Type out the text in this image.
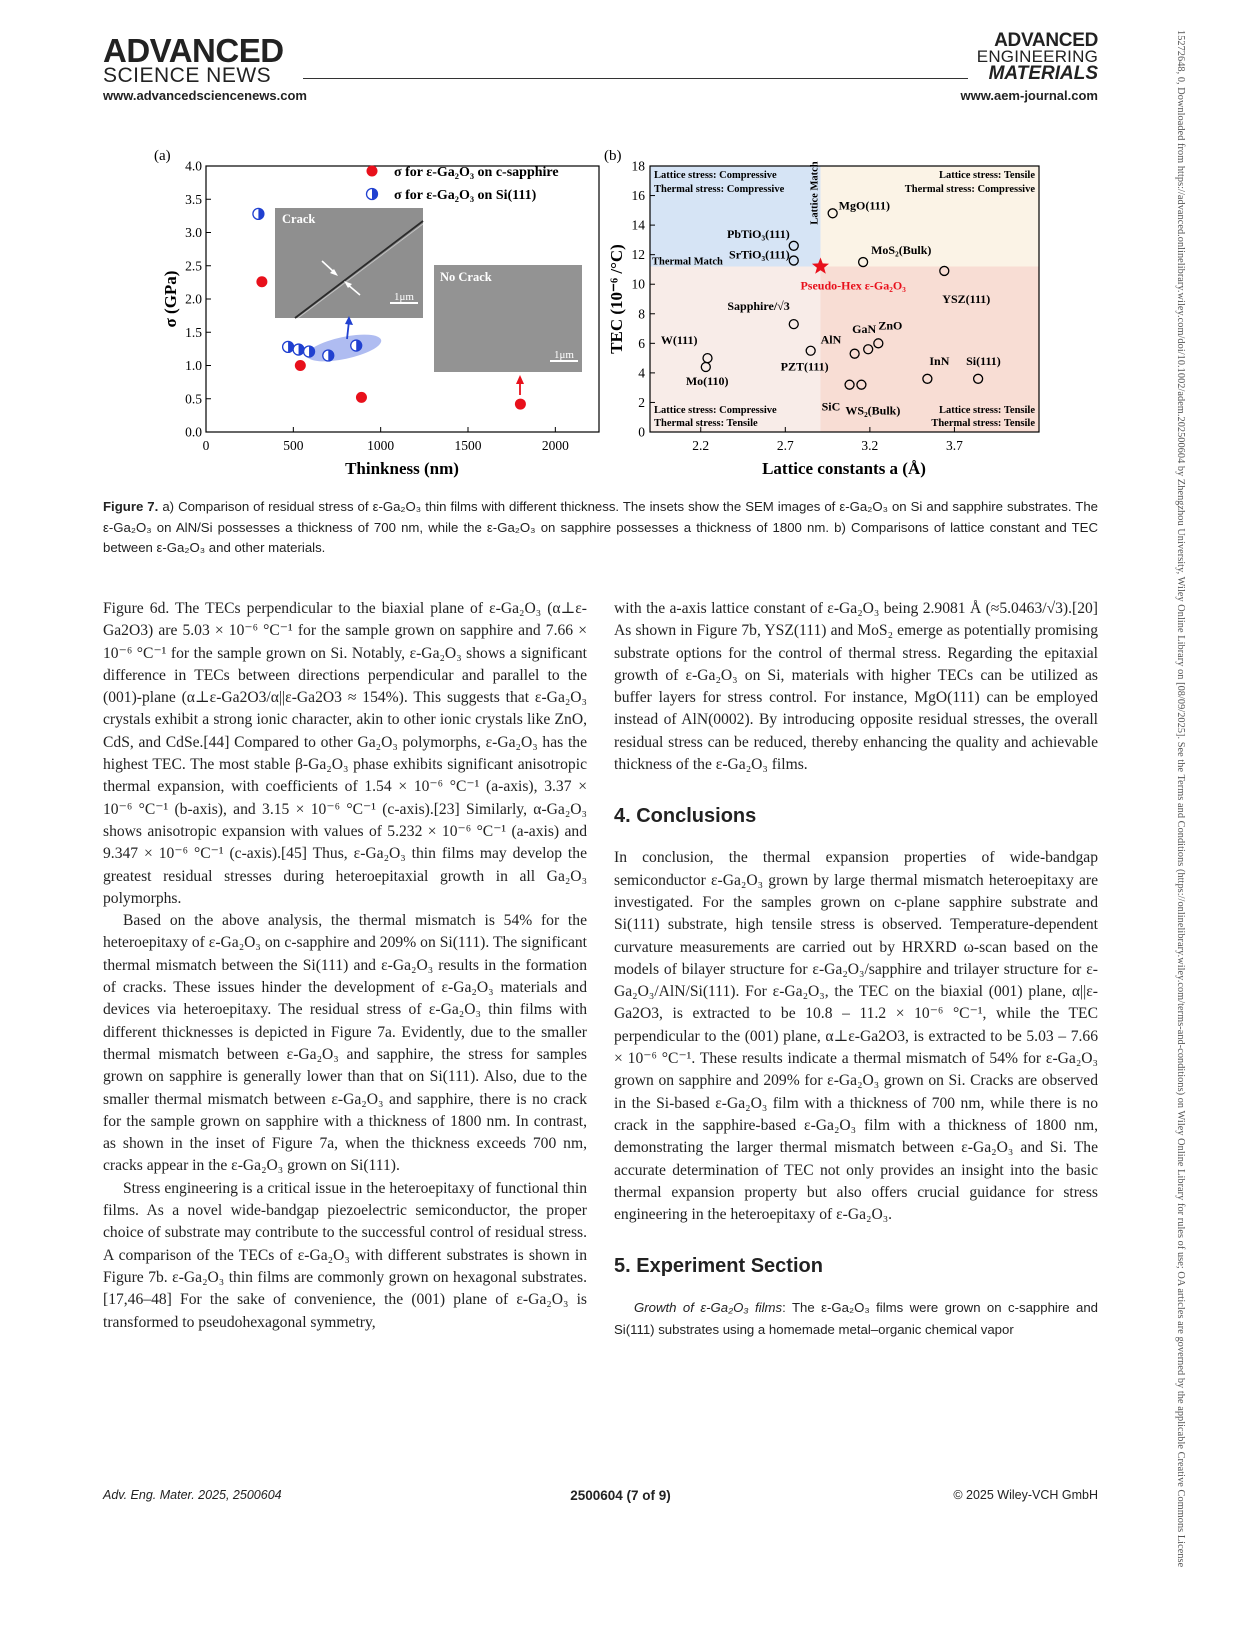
ADVANCED
SCIENCE NEWS
ADVANCED
ENGINEERING
MATERIALS
www.advancedsciencenews.com	www.aem-journal.com	15272648, 0, Downloaded from https://advanced.onlinelibrary.wiley.com/doi/10.1002/adem.202500604 by Zhengzhou University, Wiley Online Library on [08/09/2025]. See the Terms and Conditions (https://onlinelibrary.wiley.com/terms-and-conditions) on Wiley Online Library for rules of use; OA articles are governed by the applicable Creative Commons License
(a)
0.0
0.5
1.0
1.5
2.0
2.5
3.0
3.5
4.0
0	500	1000	1500	2000
σ (GPa)
Thinkness (nm)
σ for ε-Ga₂O₃ on c-sapphire
σ for ε-Ga₂O₃ on Si(111)
Crack
1μm
No Crack
1μm
(b)
0
2
4
6
8
10
12
14
16
18
2.2	2.7	3.2	3.7
TEC (10⁻⁶ /°C)
Lattice constants a (Å)
Lattice stress: Compressive
Thermal stress: Compressive
Lattice stress: Tensile
Thermal stress: Compressive
Lattice stress: Compressive
Thermal stress: Tensile
Lattice stress: Tensile
Thermal stress: Tensile
Lattice Match
Thermal Match
MgO(111)
PbTiO₃(111)
SrTiO₃(111)	MoS₂(Bulk)
YSZ(111)
Sapphire/√3
W(111)
Mo(110)
PZT(111)
AlN
GaN ZnO
InN Si(111)
SiC WS₂(Bulk)
Pseudo-Hex ε-Ga₂O₃
Figure 7. a) Comparison of residual stress of ε-Ga₂O₃ thin films with different thickness. The insets show the SEM images of ε-Ga₂O₃ on Si and sapphire substrates. The ε-Ga₂O₃ on AlN/Si possesses a thickness of 700 nm, while the ε-Ga₂O₃ on sapphire possesses a thickness of 1800 nm. b) Comparisons of lattice constant and TEC between ε-Ga₂O₃ and other materials.

Figure 6d. The TECs perpendicular to the biaxial plane of ε-Ga₂O₃ (α⊥ε-Ga2O3) are 5.03 × 10⁻⁶ °C⁻¹ for the sample grown on sapphire and 7.66 × 10⁻⁶ °C⁻¹ for the sample grown on Si. Notably, ε-Ga₂O₃ shows a significant difference in TECs between directions perpendicular and parallel to the (001)-plane (α⊥ε-Ga2O3/α||ε-Ga2O3 ≈ 154%). This suggests that ε-Ga₂O₃ crystals exhibit a strong ionic character, akin to other ionic crystals like ZnO, CdS, and CdSe.[44] Compared to other Ga₂O₃ polymorphs, ε-Ga₂O₃ has the highest TEC. The most stable β-Ga₂O₃ phase exhibits significant anisotropic thermal expansion, with coefficients of 1.54 × 10⁻⁶ °C⁻¹ (a-axis), 3.37 × 10⁻⁶ °C⁻¹ (b-axis), and 3.15 × 10⁻⁶ °C⁻¹ (c-axis).[23] Similarly, α-Ga₂O₃ shows anisotropic expansion with values of 5.232 × 10⁻⁶ °C⁻¹ (a-axis) and 9.347 × 10⁻⁶ °C⁻¹ (c-axis).[45] Thus, ε-Ga₂O₃ thin films may develop the greatest residual stresses during heteroepitaxial growth in all Ga₂O₃ polymorphs.

Based on the above analysis, the thermal mismatch is 54% for the heteroepitaxy of ε-Ga₂O₃ on c-sapphire and 209% on Si(111). The significant thermal mismatch between the Si(111) and ε-Ga₂O₃ results in the formation of cracks. These issues hinder the development of ε-Ga₂O₃ materials and devices via heteroepitaxy. The residual stress of ε-Ga₂O₃ thin films with different thicknesses is depicted in Figure 7a. Evidently, due to the smaller thermal mismatch between ε-Ga₂O₃ and sapphire, the stress for samples grown on sapphire is generally lower than that on Si(111). Also, due to the smaller thermal mismatch between ε-Ga₂O₃ and sapphire, there is no crack for the sample grown on sapphire with a thickness of 1800 nm. In contrast, as shown in the inset of Figure 7a, when the thickness exceeds 700 nm, cracks appear in the ε-Ga₂O₃ grown on Si(111).

Stress engineering is a critical issue in the heteroepitaxy of functional thin films. As a novel wide-bandgap piezoelectric semiconductor, the proper choice of substrate may contribute to the successful control of residual stress. A comparison of the TECs of ε-Ga₂O₃ with different substrates is shown in Figure 7b. ε-Ga₂O₃ thin films are commonly grown on hexagonal substrates.[17,46–48] For the sake of convenience, the (001) plane of ε-Ga₂O₃ is transformed to pseudohexagonal symmetry,

with the a-axis lattice constant of ε-Ga₂O₃ being 2.9081 Å (≈5.0463/√3).[20] As shown in Figure 7b, YSZ(111) and MoS₂ emerge as potentially promising substrate options for the control of thermal stress. Regarding the epitaxial growth of ε-Ga₂O₃ on Si, materials with higher TECs can be utilized as buffer layers for stress control. For instance, MgO(111) can be employed instead of AlN(0002). By introducing opposite residual stresses, the overall residual stress can be reduced, thereby enhancing the quality and achievable thickness of the ε-Ga₂O₃ films.

4. Conclusions

In conclusion, the thermal expansion properties of wide-bandgap semiconductor ε-Ga₂O₃ grown by large thermal mismatch heteroepitaxy are investigated. For the samples grown on c-plane sapphire substrate and Si(111) substrate, high tensile stress is observed. Temperature-dependent curvature measurements are carried out by HRXRD ω-scan based on the models of bilayer structure for ε-Ga₂O₃/sapphire and trilayer structure for ε-Ga₂O₃/AlN/Si(111). For ε-Ga₂O₃, the TEC on the biaxial (001) plane, α||ε-Ga2O3, is extracted to be 10.8 – 11.2 × 10⁻⁶ °C⁻¹, while the TEC perpendicular to the (001) plane, α⊥ε-Ga2O3, is extracted to be 5.03 – 7.66 × 10⁻⁶ °C⁻¹. These results indicate a thermal mismatch of 54% for ε-Ga₂O₃ grown on sapphire and 209% for ε-Ga₂O₃ grown on Si. Cracks are observed in the Si-based ε-Ga₂O₃ film with a thickness of 700 nm, while there is no crack in the sapphire-based ε-Ga₂O₃ film with a thickness of 1800 nm, demonstrating the larger thermal mismatch between ε-Ga₂O₃ and Si. The accurate determination of TEC not only provides an insight into the basic thermal expansion property but also offers crucial guidance for stress engineering in the heteroepitaxy of ε-Ga₂O₃.

5. Experiment Section

Growth of ε-Ga₂O₃ films: The ε-Ga₂O₃ films were grown on c-sapphire and Si(111) substrates using a homemade metal–organic chemical vapor

Adv. Eng. Mater. 2025, 2500604	2500604 (7 of 9)	© 2025 Wiley-VCH GmbH
